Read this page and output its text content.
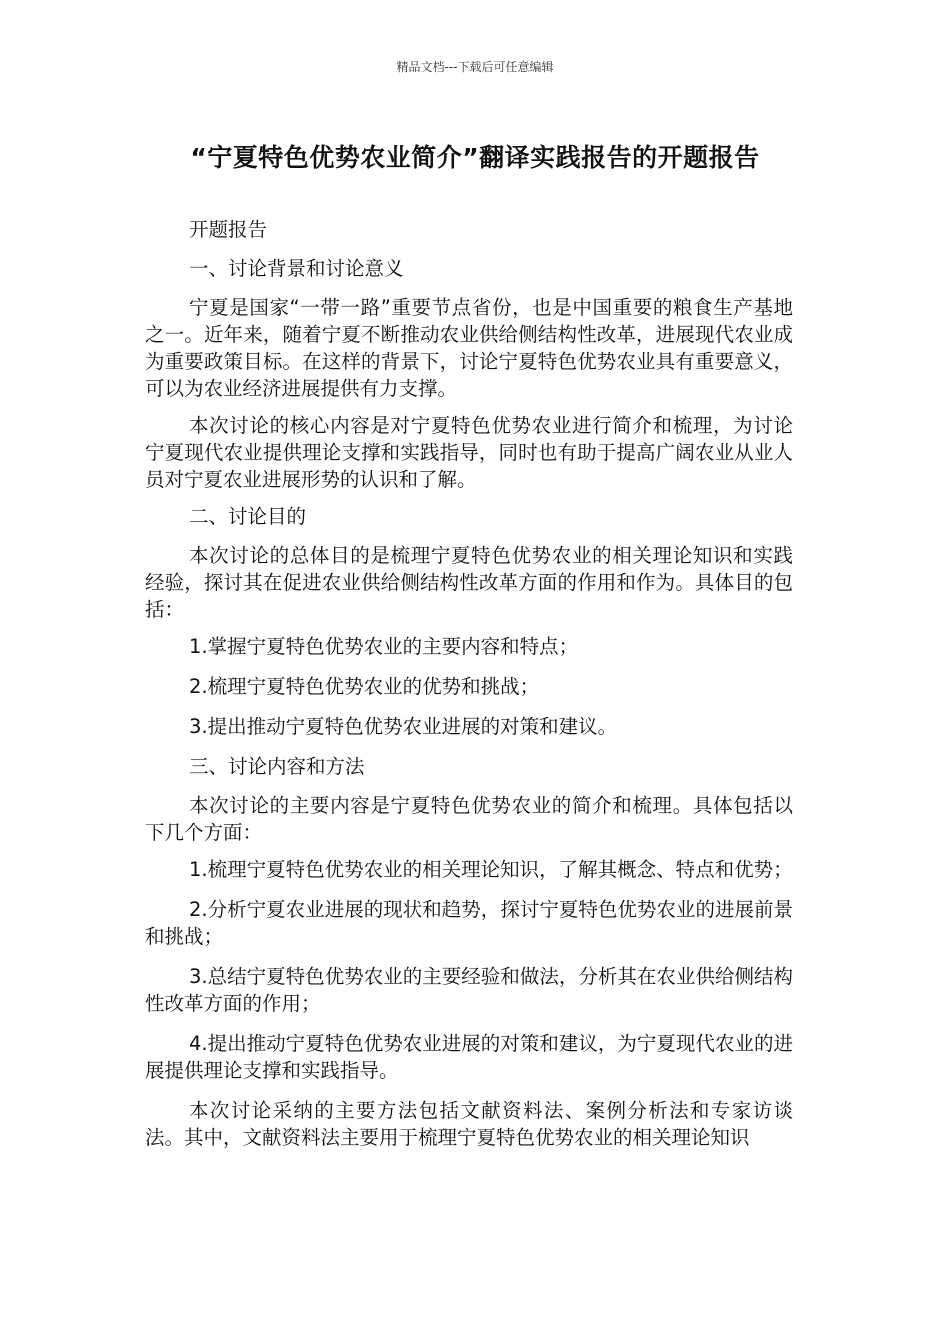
精品文档---下载后可任意编辑
“宁夏特色优势农业简介”翻译实践报告的开题报告

开题报告

一、讨论背景和讨论意义

宁夏是国家“一带一路”重要节点省份，也是中国重要的粮食生产基地之一。近年来，随着宁夏不断推动农业供给侧结构性改革，进展现代农业成为重要政策目标。在这样的背景下，讨论宁夏特色优势农业具有重要意义，可以为农业经济进展提供有力支撑。

本次讨论的核心内容是对宁夏特色优势农业进行简介和梳理，为讨论宁夏现代农业提供理论支撑和实践指导，同时也有助于提高广阔农业从业人员对宁夏农业进展形势的认识和了解。

二、讨论目的

本次讨论的总体目的是梳理宁夏特色优势农业的相关理论知识和实践经验，探讨其在促进农业供给侧结构性改革方面的作用和作为。具体目的包括：

1.掌握宁夏特色优势农业的主要内容和特点；

2.梳理宁夏特色优势农业的优势和挑战；

3.提出推动宁夏特色优势农业进展的对策和建议。

三、讨论内容和方法

本次讨论的主要内容是宁夏特色优势农业的简介和梳理。具体包括以下几个方面：

1.梳理宁夏特色优势农业的相关理论知识，了解其概念、特点和优势；

2.分析宁夏农业进展的现状和趋势，探讨宁夏特色优势农业的进展前景和挑战；

3.总结宁夏特色优势农业的主要经验和做法，分析其在农业供给侧结构性改革方面的作用；

4.提出推动宁夏特色优势农业进展的对策和建议，为宁夏现代农业的进展提供理论支撑和实践指导。

本次讨论采纳的主要方法包括文献资料法、案例分析法和专家访谈法。其中，文献资料法主要用于梳理宁夏特色优势农业的相关理论知识
